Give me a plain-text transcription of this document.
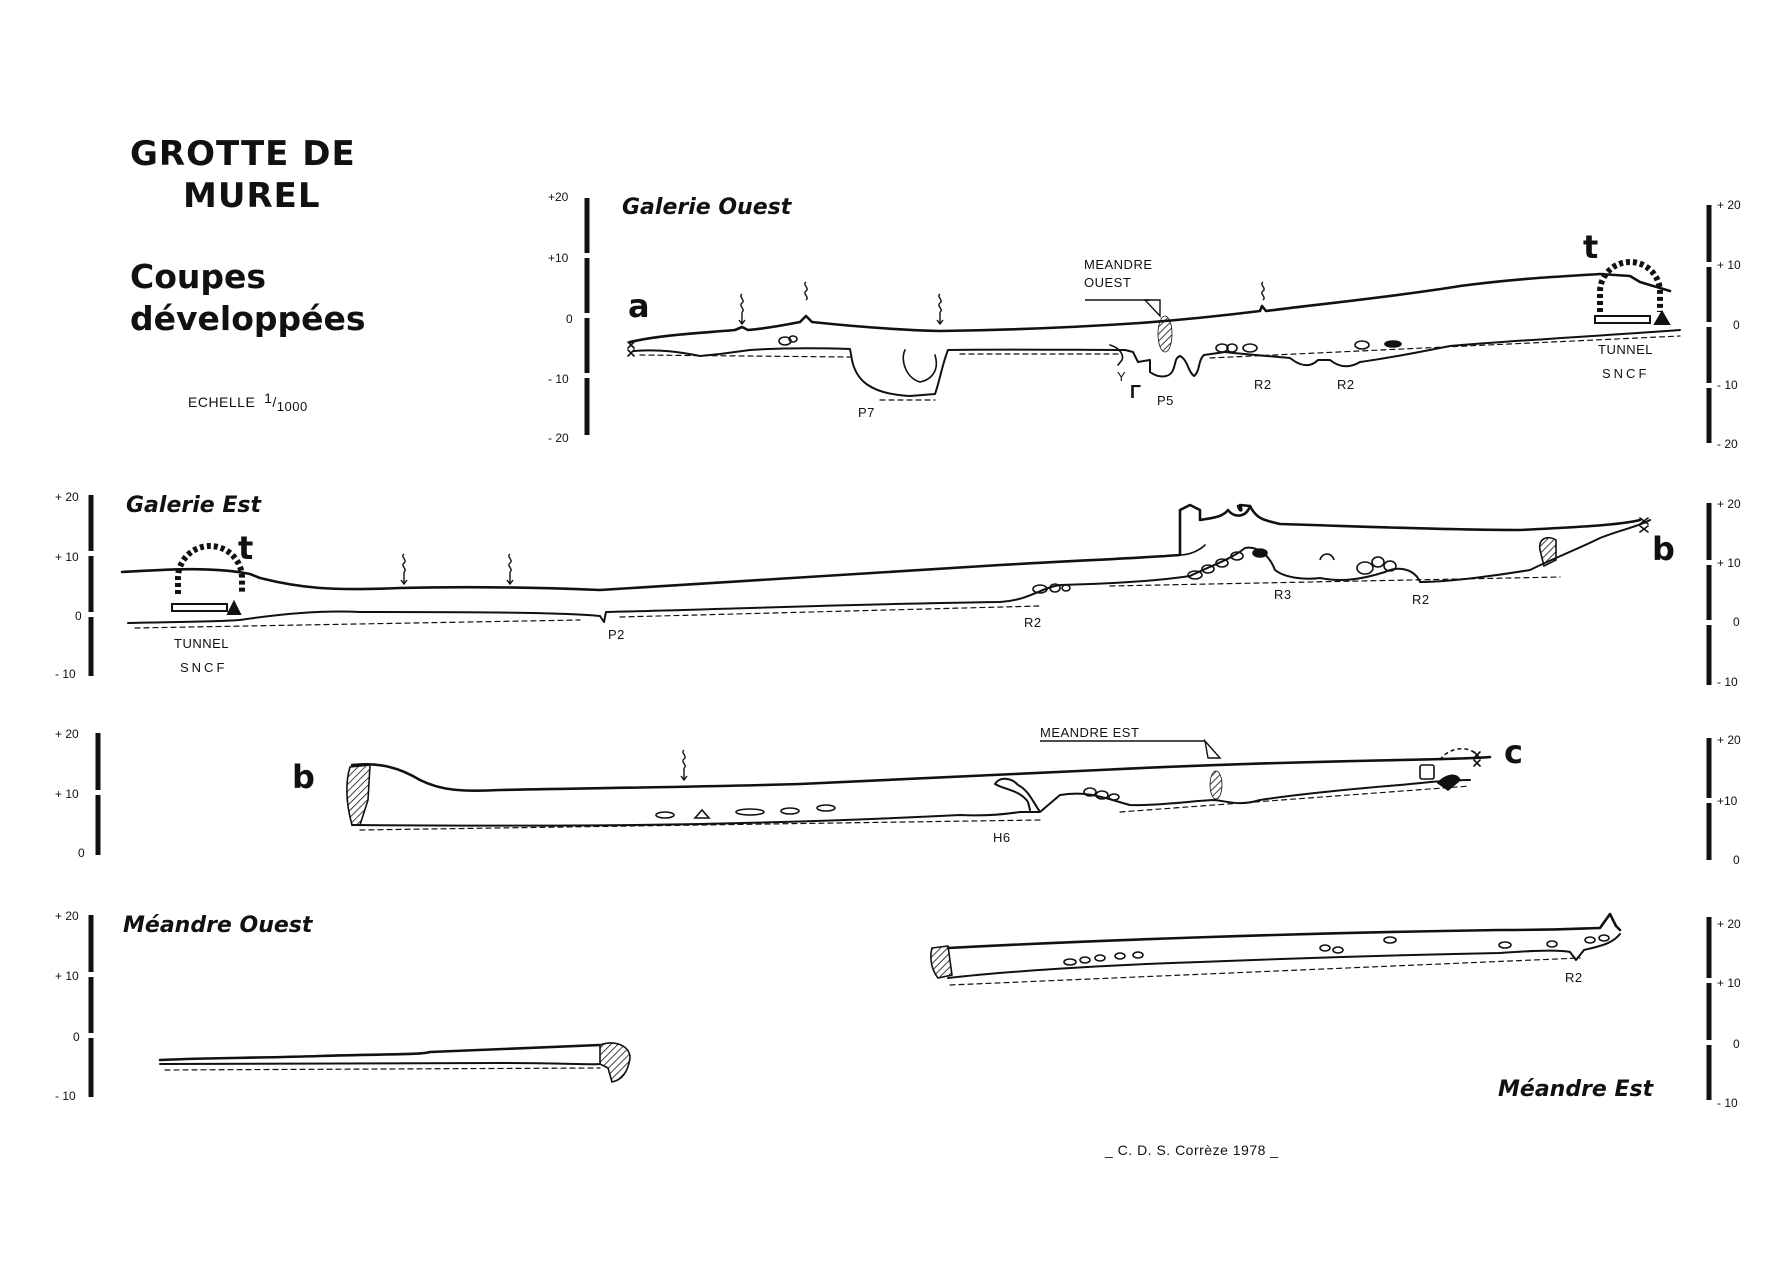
GROTTE DE
MUREL
Coupes
développées
ECHELLE 1/1000
_ C. D. S. Corrèze 1978 _
Galerie Ouest
a
t
MEANDRE
OUEST
P7
P5
Γ
Y
R2	R2
TUNNEL
SNCF
+20
+10
0
- 10
- 20
+ 20
+ 10
0
- 10
- 20
Galerie Est
t	b
TUNNEL
SNCF
P2
R2
R3	R2
+ 20
+ 10
0
- 10
+ 20
+ 10
0
- 10
b
c
MEANDRE EST
H6
+ 20
+ 10
0
+ 20
+10
0
Méandre Ouest
+ 20
+ 10
0
- 10	Méandre Est
R2
+ 20
+ 10
0
- 10
